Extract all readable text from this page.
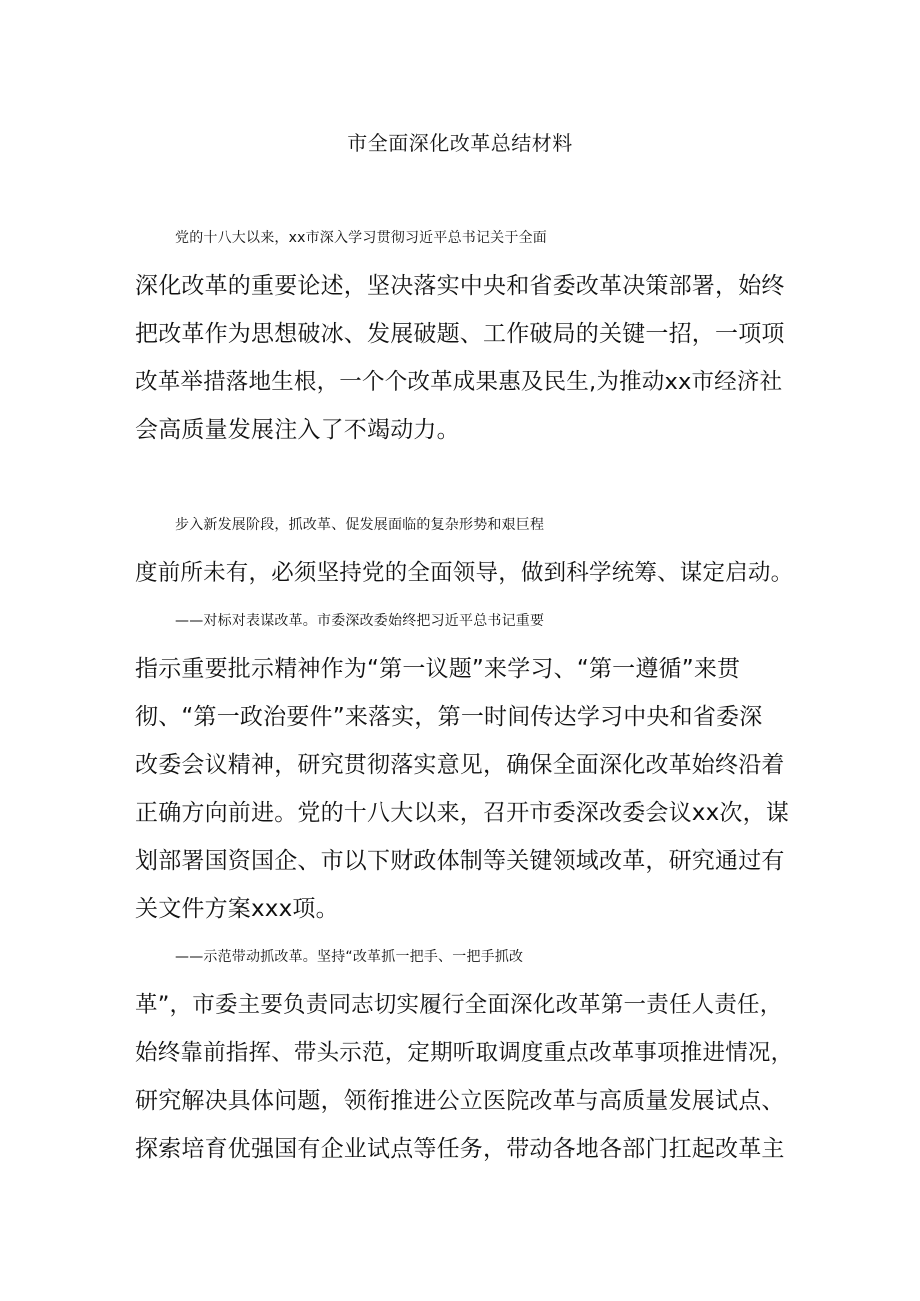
市全面深化改革总结材料
党的十八大以来，xx市深入学习贯彻习近平总书记关于全面
深化改革的重要论述，坚决落实中央和省委改革决策部署，始终
把改革作为思想破冰、发展破题、工作破局的关键一招，一项项
改革举措落地生根，一个个改革成果惠及民生,为推动xx市经济社
会高质量发展注入了不竭动力。
步入新发展阶段，抓改革、促发展面临的复杂形势和艰巨程
度前所未有，必须坚持党的全面领导，做到科学统筹、谋定启动。
——对标对表谋改革。市委深改委始终把习近平总书记重要
指示重要批示精神作为“第一议题”来学习、“第一遵循”来贯
彻、“第一政治要件”来落实，第一时间传达学习中央和省委深
改委会议精神，研究贯彻落实意见，确保全面深化改革始终沿着
正确方向前进。党的十八大以来，召开市委深改委会议xx次，谋
划部署国资国企、市以下财政体制等关键领域改革，研究通过有
关文件方案xxx项。
——示范带动抓改革。坚持“改革抓一把手、一把手抓改
革”，市委主要负责同志切实履行全面深化改革第一责任人责任，
始终靠前指挥、带头示范，定期听取调度重点改革事项推进情况，
研究解决具体问题，领衔推进公立医院改革与高质量发展试点、
探索培育优强国有企业试点等任务，带动各地各部门扛起改革主
